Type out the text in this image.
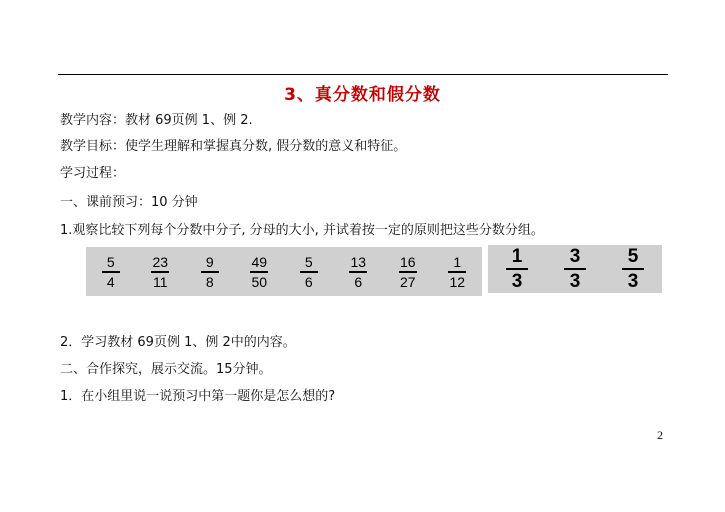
3、真分数和假分数
教学内容：教材 69页例 1、例 2.
教学目标：使学生理解和掌握真分数, 假分数的意义和特征。
学习过程：
一、课前预习：10 分钟
1.观察比较下列每个分数中分子, 分母的大小, 并试着按一定的原则把这些分数分组。
$\frac{5}{4} \frac{23}{11} \frac{9}{8} \frac{49}{50} \frac{5}{6} \frac{13}{6} \frac{16}{27} \frac{1}{12} \frac{1}{3} \frac{3}{3} \frac{5}{3}$
2．学习教材 69页例 1、例 2中的内容。
二、合作探究，展示交流。15分钟。
1．在小组里说一说预习中第一题你是怎么想的?
2
